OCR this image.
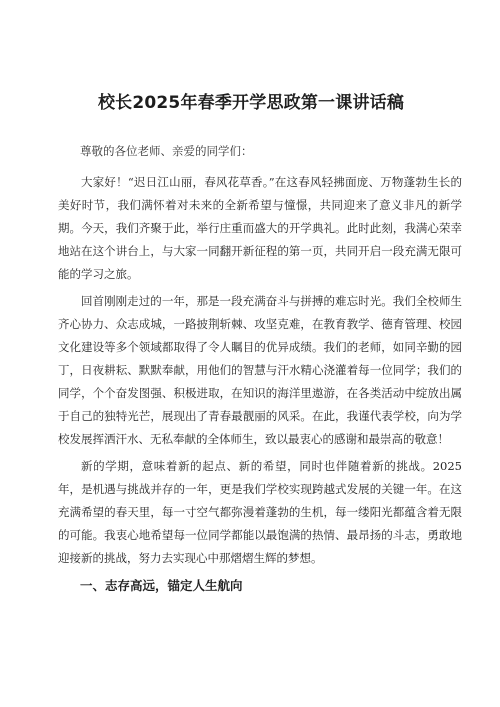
校长2025年春季开学思政第一课讲话稿

尊敬的各位老师、亲爱的同学们：

大家好！“迟日江山丽，春风花草香。”在这春风轻拂面庞、万物蓬勃生长的美好时节，我们满怀着对未来的全新希望与憧憬，共同迎来了意义非凡的新学期。今天，我们齐聚于此，举行庄重而盛大的开学典礼。此时此刻，我满心荣幸地站在这个讲台上，与大家一同翻开新征程的第一页，共同开启一段充满无限可能的学习之旅。

回首刚刚走过的一年，那是一段充满奋斗与拼搏的难忘时光。我们全校师生齐心协力、众志成城，一路披荆斩棘、攻坚克难，在教育教学、德育管理、校园文化建设等多个领域都取得了令人瞩目的优异成绩。我们的老师，如同辛勤的园丁，日夜耕耘、默默奉献，用他们的智慧与汗水精心浇灌着每一位同学；我们的同学，个个奋发图强、积极进取，在知识的海洋里遨游，在各类活动中绽放出属于自己的独特光芒，展现出了青春最靓丽的风采。在此，我谨代表学校，向为学校发展挥洒汗水、无私奉献的全体师生，致以最衷心的感谢和最崇高的敬意！

新的学期，意味着新的起点、新的希望，同时也伴随着新的挑战。2025年，是机遇与挑战并存的一年，更是我们学校实现跨越式发展的关键一年。在这充满希望的春天里，每一寸空气都弥漫着蓬勃的生机，每一缕阳光都蕴含着无限的可能。我衷心地希望每一位同学都能以最饱满的热情、最昂扬的斗志，勇敢地迎接新的挑战，努力去实现心中那熠熠生辉的梦想。

一、志存高远，锚定人生航向
